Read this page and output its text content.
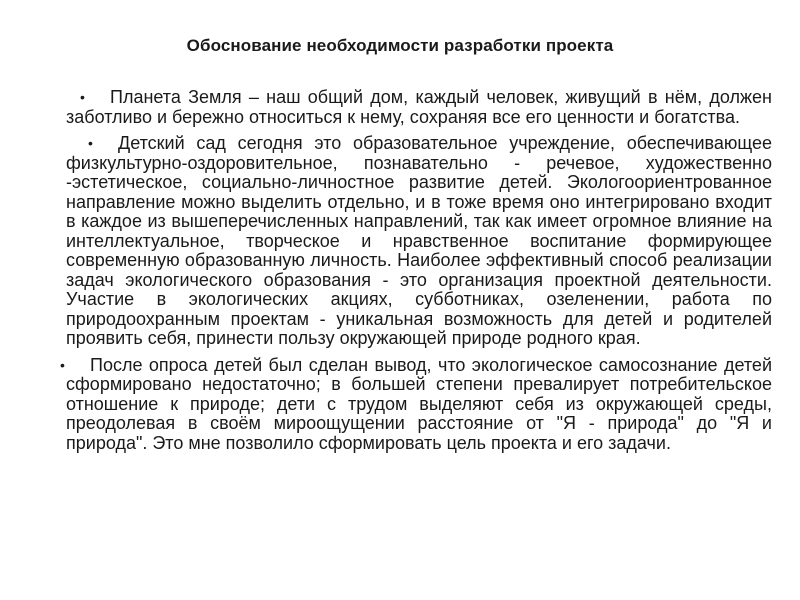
Обоснование необходимости разработки проекта
• Планета Земля – наш общий дом, каждый человек, живущий в нём, должен заботливо и бережно относиться к нему, сохраняя все его ценности и богатства.
• Детский сад сегодня это образовательное учреждение, обеспечивающее физкультурно-оздоровительное, познавательно - речевое, художественно -эстетическое, социально-личностное развитие детей. Экологоориентрованное направление можно выделить отдельно, и в тоже время оно интегрировано входит в каждое из вышеперечисленных направлений, так как имеет огромное влияние на интеллектуальное, творческое и нравственное воспитание формирующее современную образованную личность. Наиболее эффективный способ реализации задач экологического образования - это организация проектной деятельности. Участие в экологических акциях, субботниках, озеленении, работа по природоохранным проектам - уникальная возможность для детей и родителей проявить себя, принести пользу окружающей природе родного края.
• После опроса детей был сделан вывод, что экологическое самосознание детей сформировано недостаточно; в большей степени превалирует потребительское отношение к природе; дети с трудом выделяют себя из окружающей среды, преодолевая в своём мироощущении расстояние от "Я - природа" до "Я и природа". Это мне позволило сформировать цель проекта и его задачи.
